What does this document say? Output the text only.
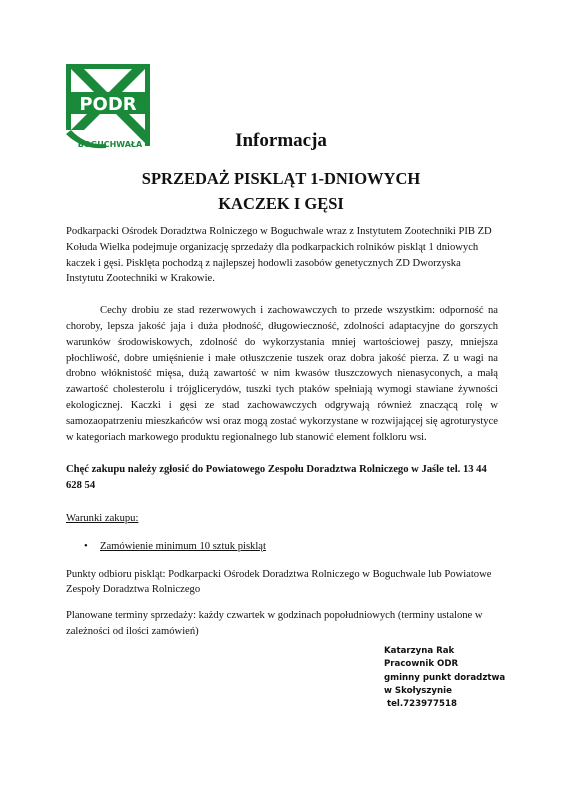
PODR
BOGUCHWAŁA	Informacja
SPRZEDAŻ PISKLĄT 1-DNIOWYCH
KACZEK I GĘSI

Podkarpacki Ośrodek Doradztwa Rolniczego w Boguchwale wraz z Instytutem Zootechniki PIB ZD Kołuda Wielka podejmuje organizację sprzedaży dla podkarpackich rolników piskląt 1 dniowych kaczek i gęsi. Pisklęta pochodzą z najlepszej hodowli zasobów genetycznych ZD Dworzyska Instytutu Zootechniki w Krakowie.

Cechy drobiu ze stad rezerwowych i zachowawczych to przede wszystkim: odporność na choroby, lepsza jakość jaja i duża płodność, długowieczność, zdolności adaptacyjne do gorszych warunków środowiskowych, zdolność do wykorzystania mniej wartościowej paszy, mniejsza płochliwość, dobre umięśnienie i małe otłuszczenie tuszek oraz dobra jakość pierza. Z u wagi na drobno włóknistość mięsa, dużą zawartość w nim kwasów tłuszczowych nienasyconych, a małą zawartość cholesterolu i trójglicerydów, tuszki tych ptaków spełniają wymogi stawiane żywności ekologicznej. Kaczki i gęsi ze stad zachowawczych odgrywają również znaczącą rolę w samozaopatrzeniu mieszkańców wsi oraz mogą zostać wykorzystane w rozwijającej się agroturystyce w kategoriach markowego produktu regionalnego lub stanowić element folkloru wsi.

Chęć zakupu należy zgłosić do Powiatowego Zespołu Doradztwa Rolniczego w Jaśle tel. 13 44 628 54

Warunki zakupu:

• Zamówienie minimum 10 sztuk piskląt

Punkty odbioru piskląt: Podkarpacki Ośrodek Doradztwa Rolniczego w Boguchwale lub Powiatowe Zespoły Doradztwa Rolniczego

Planowane terminy sprzedaży: każdy czwartek w godzinach popołudniowych (terminy ustalone w zależności od ilości zamówień)

Katarzyna Rak
Pracownik ODR
gminny punkt doradztwa
w Skołyszynie
tel.723977518
